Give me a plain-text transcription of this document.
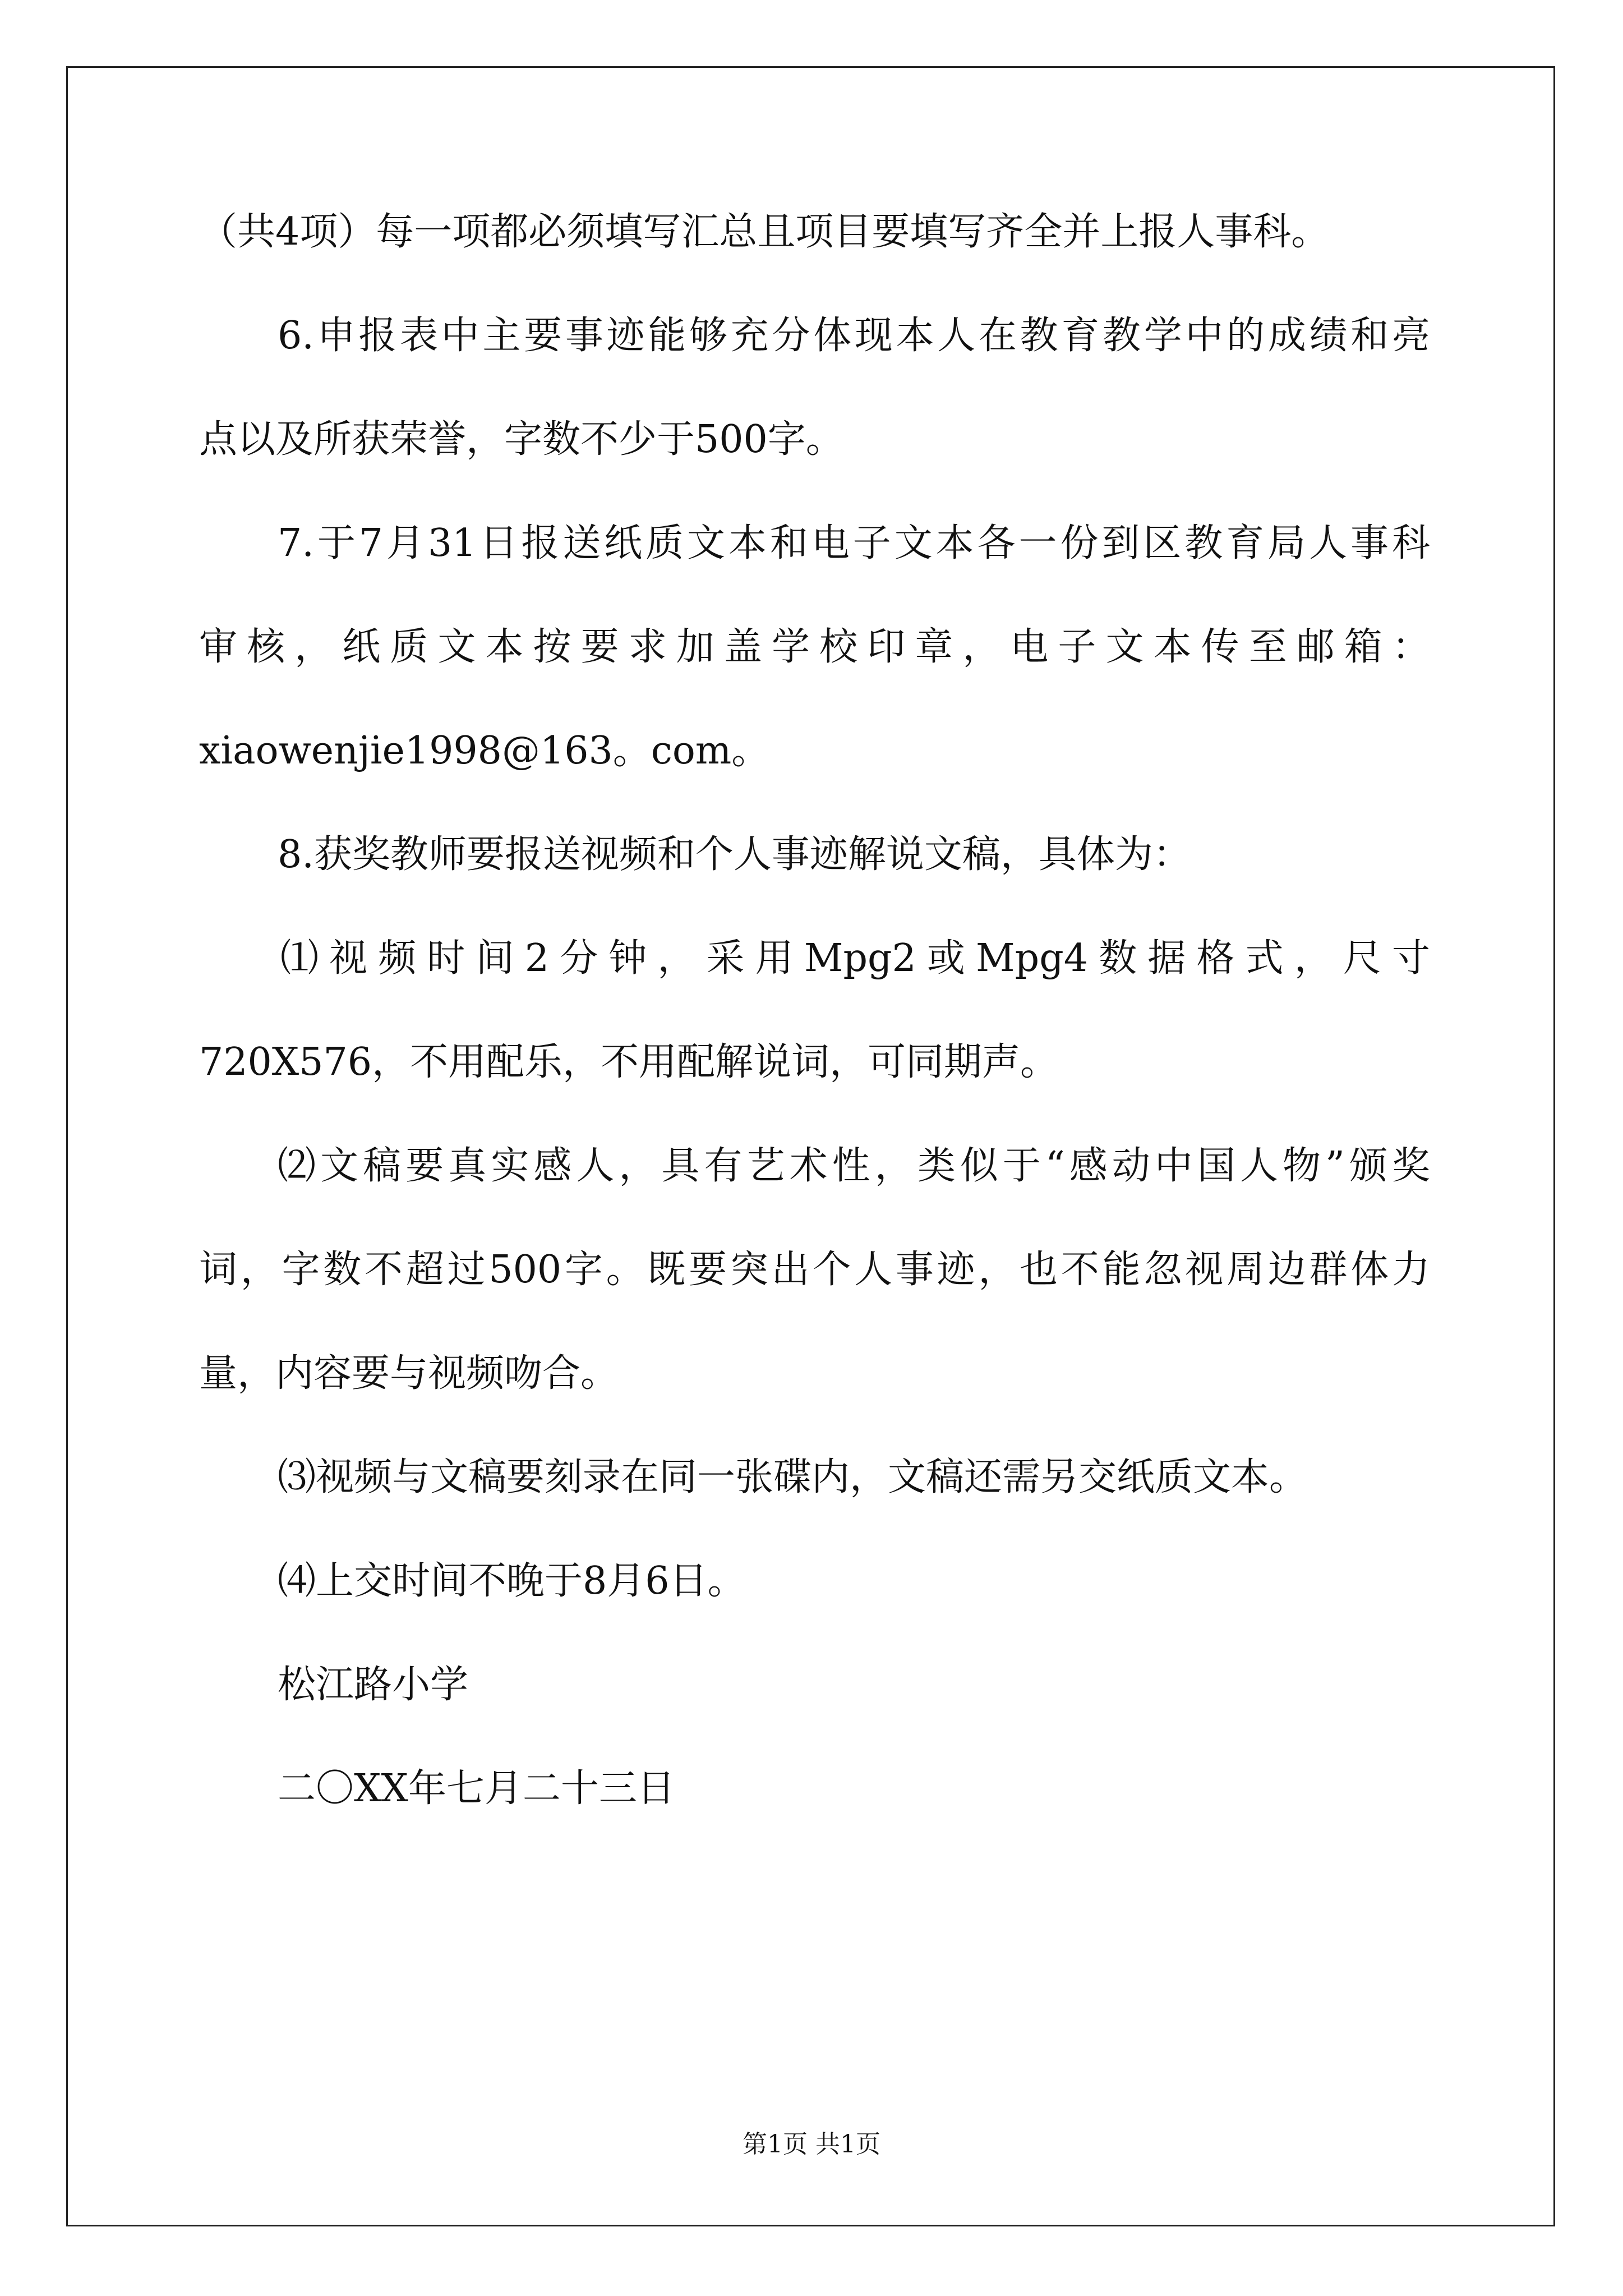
（共4项）每一项都必须填写汇总且项目要填写齐全并上报人事科。
6.申报表中主要事迹能够充分体现本人在教育教学中的成绩和亮
点以及所获荣誉，字数不少于500字。
7.于7月31日报送纸质文本和电子文本各一份到区教育局人事科
审核，纸质文本按要求加盖学校印章，电子文本传至邮箱：
xiaowenjie1998@163。com。
8.获奖教师要报送视频和个人事迹解说文稿，具体为：
⑴视频时间2分钟，采用Mpg2或Mpg4数据格式，尺寸
720Ⅹ576，不用配乐，不用配解说词，可同期声。
⑵文稿要真实感人，具有艺术性，类似于“感动中国人物”颁奖
词，字数不超过500字。既要突出个人事迹，也不能忽视周边群体力
量，内容要与视频吻合。
⑶视频与文稿要刻录在同一张碟内，文稿还需另交纸质文本。
⑷上交时间不晚于8月6日。
松江路小学
二〇XX年七月二十三日
第1页 共1页
